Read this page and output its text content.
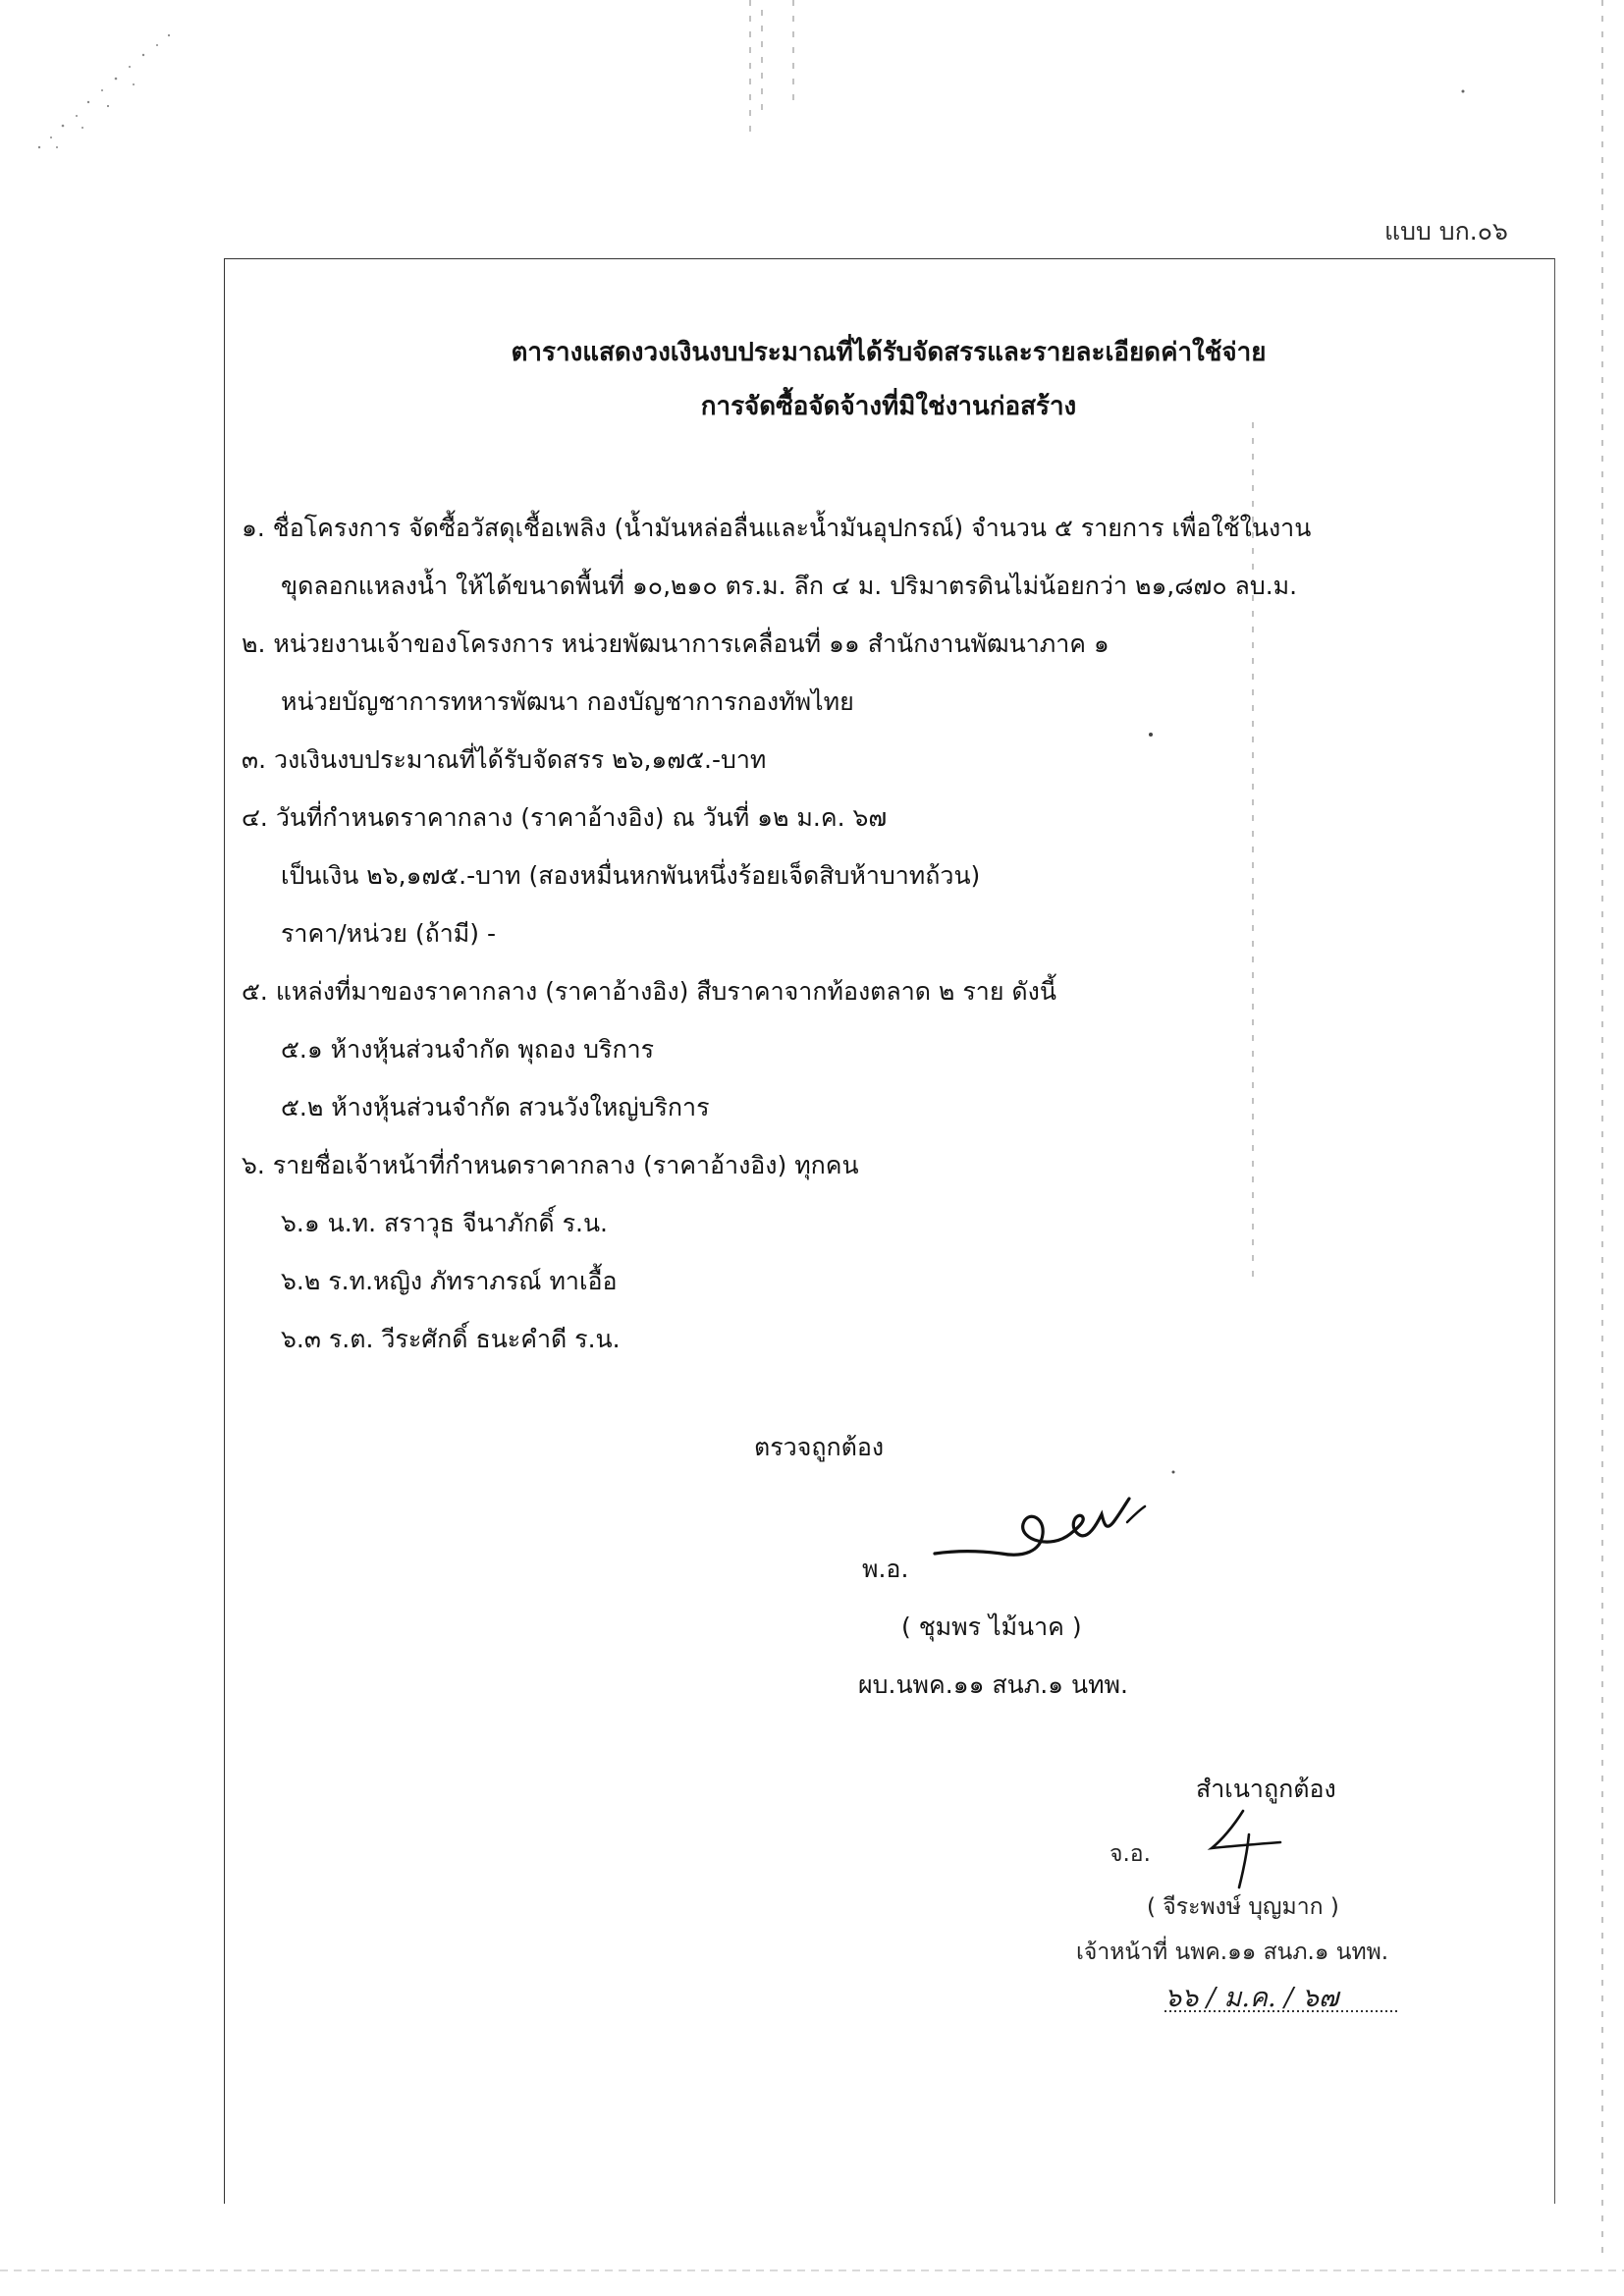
แบบ บก.๐๖
ตารางแสดงวงเงินงบประมาณที่ได้รับจัดสรรและรายละเอียดค่าใช้จ่าย
การจัดซื้อจัดจ้างที่มิใช่งานก่อสร้าง
๑. ชื่อโครงการ จัดซื้อวัสดุเชื้อเพลิง (น้ำมันหล่อลื่นและน้ำมันอุปกรณ์) จำนวน ๕ รายการ เพื่อใช้ในงาน
ขุดลอกแหลงน้ำ ให้ได้ขนาดพื้นที่ ๑๐,๒๑๐ ตร.ม. ลึก ๔ ม. ปริมาตรดินไม่น้อยกว่า ๒๑,๘๗๐ ลบ.ม.
๒. หน่วยงานเจ้าของโครงการ หน่วยพัฒนาการเคลื่อนที่ ๑๑ สำนักงานพัฒนาภาค ๑
หน่วยบัญชาการทหารพัฒนา กองบัญชาการกองทัพไทย
๓. วงเงินงบประมาณที่ได้รับจัดสรร ๒๖,๑๗๕.-บาท
๔. วันที่กำหนดราคากลาง (ราคาอ้างอิง) ณ วันที่ ๑๒ ม.ค. ๖๗
เป็นเงิน ๒๖,๑๗๕.-บาท (สองหมื่นหกพันหนึ่งร้อยเจ็ดสิบห้าบาทถ้วน)
ราคา/หน่วย (ถ้ามี) -
๕. แหล่งที่มาของราคากลาง (ราคาอ้างอิง) สืบราคาจากท้องตลาด ๒ ราย ดังนี้
๕.๑ ห้างหุ้นส่วนจำกัด พุถอง บริการ
๕.๒ ห้างหุ้นส่วนจำกัด สวนวังใหญ่บริการ
๖. รายชื่อเจ้าหน้าที่กำหนดราคากลาง (ราคาอ้างอิง) ทุกคน
๖.๑ น.ท. สราวุธ จีนาภักดิ์ ร.น.
๖.๒ ร.ท.หญิง ภัทราภรณ์ ทาเอื้อ
๖.๓ ร.ต. วีระศักดิ์ ธนะคำดี ร.น.
ตรวจถูกต้อง
พ.อ.
( ชุมพร ไม้นาค )
ผบ.นพค.๑๑ สนภ.๑ นทพ.
สำเนาถูกต้อง
จ.อ.
( จีระพงษ์ บุญมาก )
เจ้าหน้าที่ นพค.๑๑ สนภ.๑ นทพ.
๖๖ / ม.ค. / ๖๗
